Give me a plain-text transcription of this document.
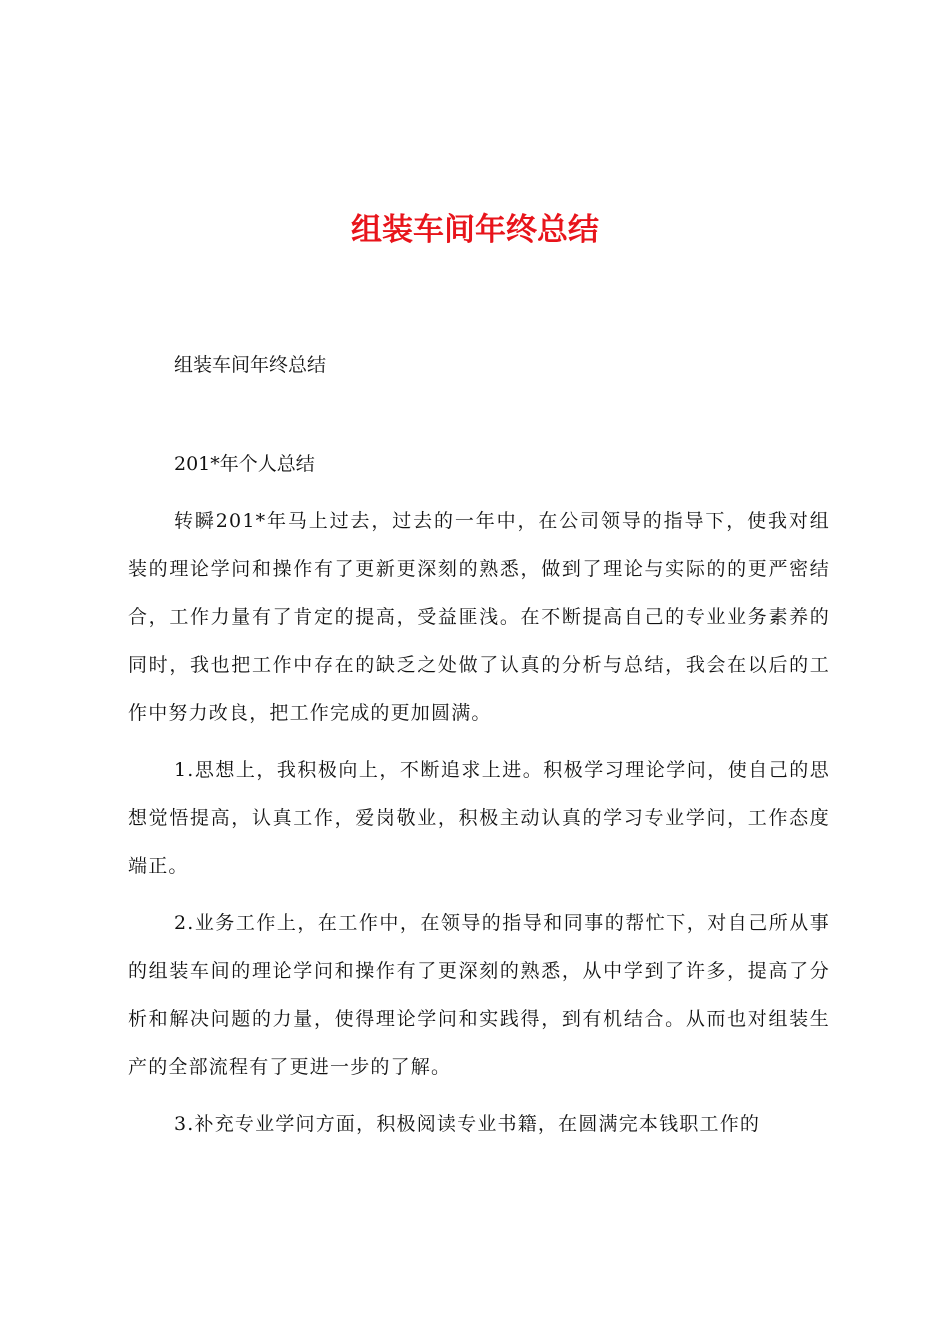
组装车间年终总结

组装车间年终总结

201*年个人总结

转瞬201*年马上过去，过去的一年中，在公司领导的指导下，使我对组装的理论学问和操作有了更新更深刻的熟悉，做到了理论与实际的的更严密结合，工作力量有了肯定的提高，受益匪浅。在不断提高自己的专业业务素养的同时，我也把工作中存在的缺乏之处做了认真的分析与总结，我会在以后的工作中努力改良，把工作完成的更加圆满。

1.思想上，我积极向上，不断追求上进。积极学习理论学问，使自己的思想觉悟提高，认真工作，爱岗敬业，积极主动认真的学习专业学问，工作态度端正。

2.业务工作上，在工作中，在领导的指导和同事的帮忙下，对自己所从事的组装车间的理论学问和操作有了更深刻的熟悉，从中学到了许多，提高了分析和解决问题的力量，使得理论学问和实践得，到有机结合。从而也对组装生产的全部流程有了更进一步的了解。

3.补充专业学问方面，积极阅读专业书籍，在圆满完本钱职工作的
